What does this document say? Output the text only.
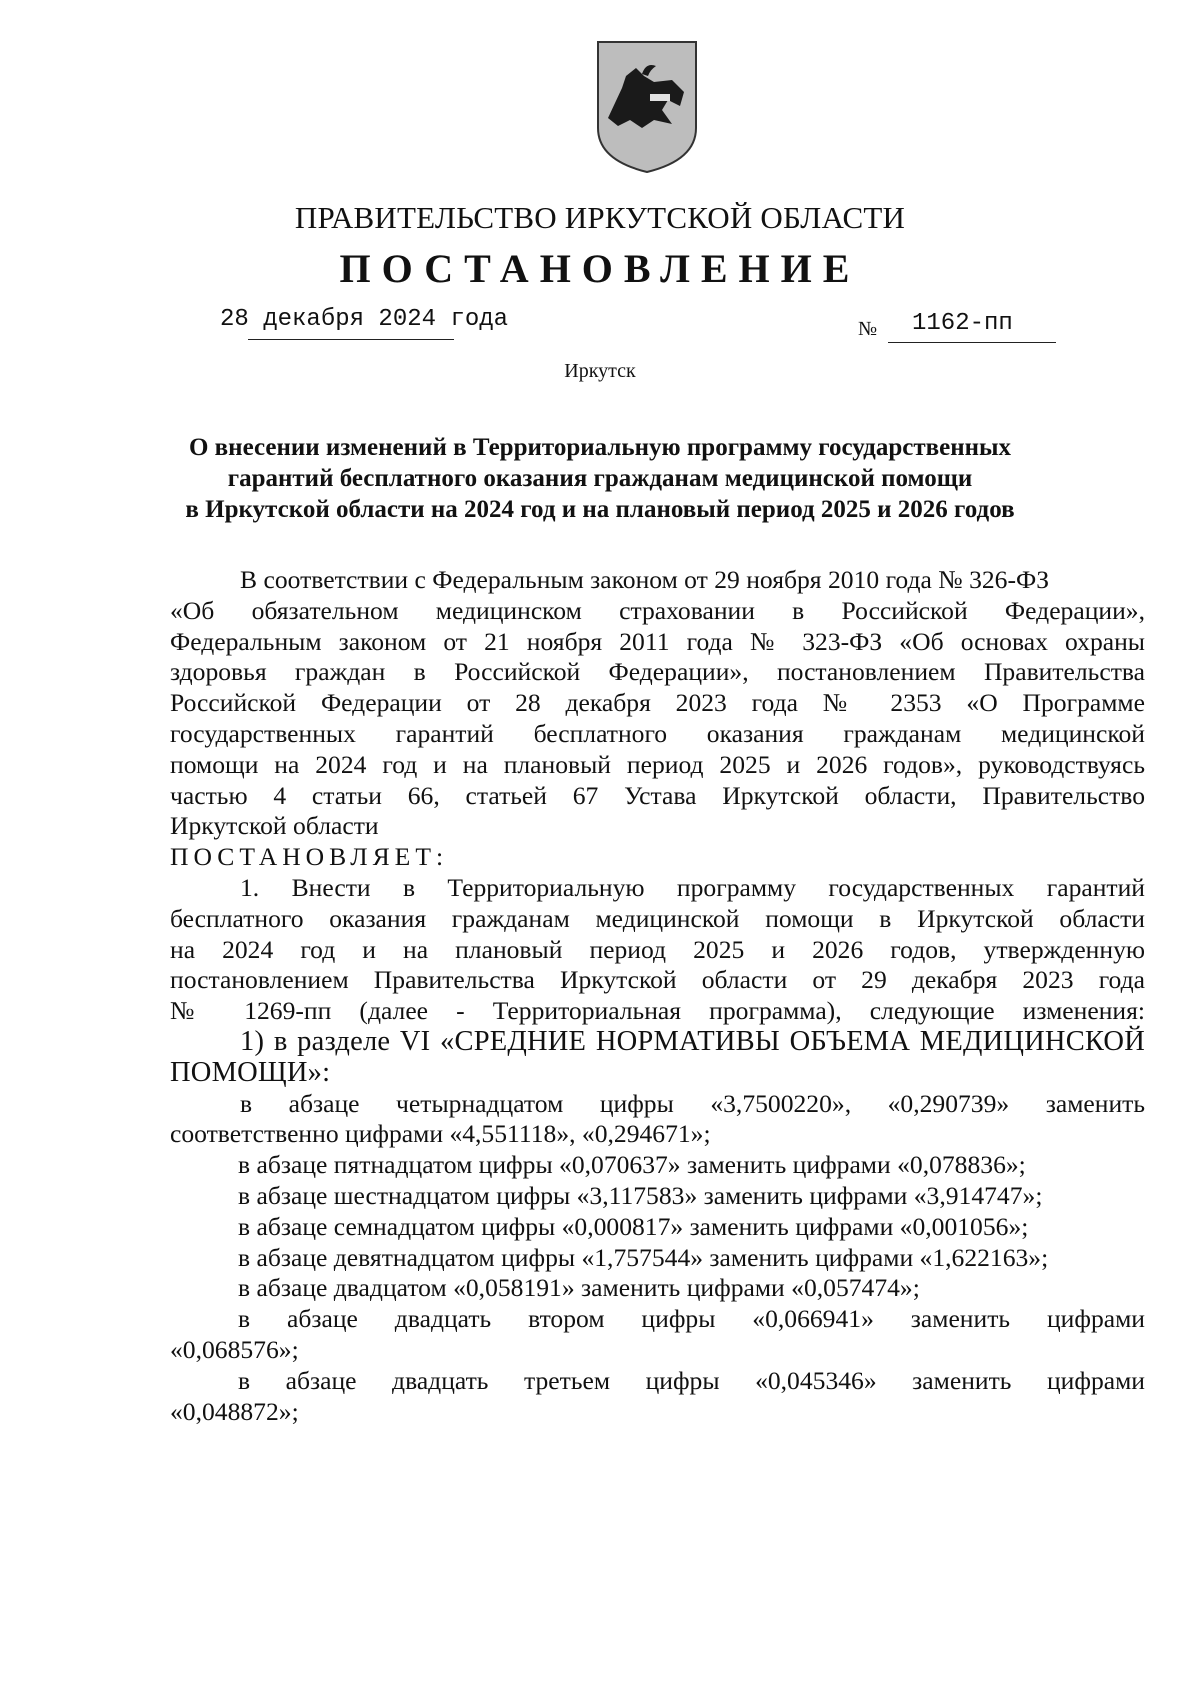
ПРАВИТЕЛЬСТВО ИРКУТСКОЙ ОБЛАСТИ
ПОСТАНОВЛЕНИЕ
28 декабря 2024 года	№ 1162-пп
Иркутск
О внесении изменений в Территориальную программу государственных
гарантий бесплатного оказания гражданам медицинской помощи
в Иркутской области на 2024 год и на плановый период 2025 и 2026 годов
В соответствии с Федеральным законом от 29 ноября 2010 года № 326-ФЗ
«Об обязательном медицинском страховании в Российской Федерации»,
Федеральным законом от 21 ноября 2011 года № 323-ФЗ «Об основах охраны
здоровья граждан в Российской Федерации», постановлением Правительства
Российской Федерации от 28 декабря 2023 года № 2353 «О Программе
государственных гарантий бесплатного оказания гражданам медицинской
помощи на 2024 год и на плановый период 2025 и 2026 годов», руководствуясь
частью 4 статьи 66, статьей 67 Устава Иркутской области, Правительство
Иркутской области
ПОСТАНОВЛЯЕТ:
1. Внести в Территориальную программу государственных гарантий
бесплатного оказания гражданам медицинской помощи в Иркутской области
на 2024 год и на плановый период 2025 и 2026 годов, утвержденную
постановлением Правительства Иркутской области от 29 декабря 2023 года
№ 1269-пп (далее - Территориальная программа), следующие изменения:
1) в разделе VI «СРЕДНИЕ НОРМАТИВЫ ОБЪЕМА МЕДИЦИНСКОЙ
ПОМОЩИ»:
в абзаце четырнадцатом цифры «3,7500220», «0,290739» заменить
соответственно цифрами «4,551118», «0,294671»;
в абзаце пятнадцатом цифры «0,070637» заменить цифрами «0,078836»;
в абзаце шестнадцатом цифры «3,117583» заменить цифрами «3,914747»;
в абзаце семнадцатом цифры «0,000817» заменить цифрами «0,001056»;
в абзаце девятнадцатом цифры «1,757544» заменить цифрами «1,622163»;
в абзаце двадцатом «0,058191» заменить цифрами «0,057474»;
в абзаце двадцать втором цифры «0,066941» заменить цифрами
«0,068576»;
в абзаце двадцать третьем цифры «0,045346» заменить цифрами
«0,048872»;
